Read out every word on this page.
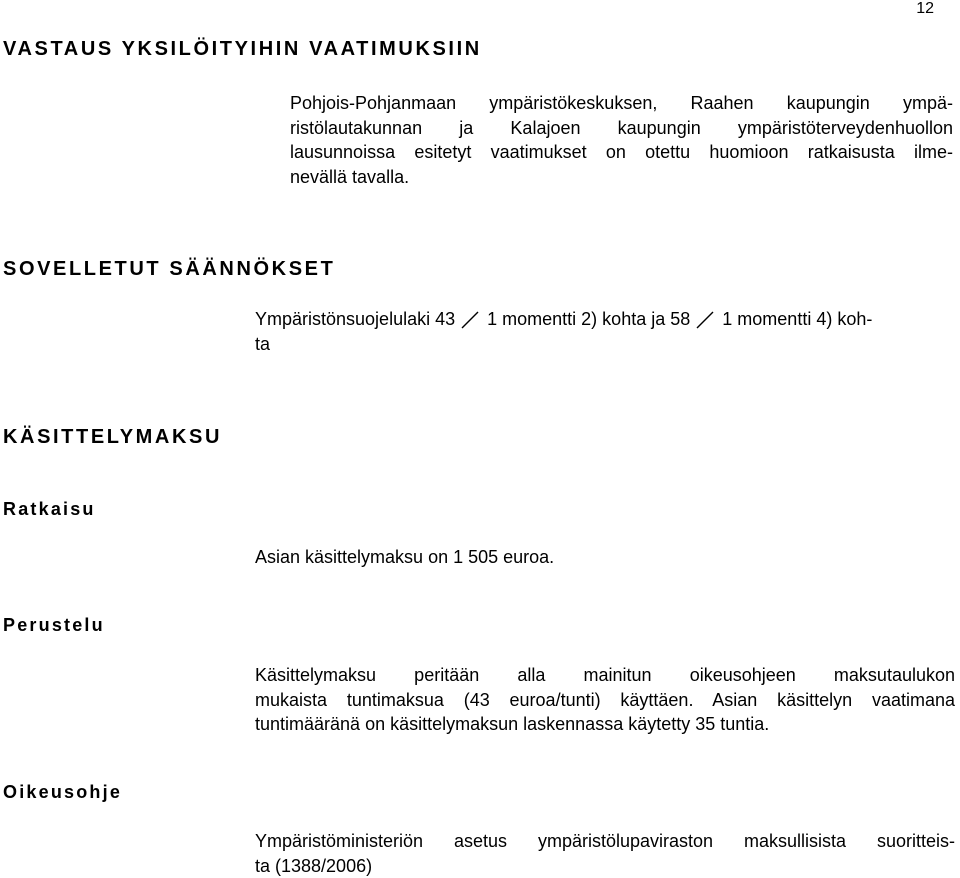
12
VASTAUS YKSILÖITYIHIN VAATIMUKSIIN
Pohjois-Pohjanmaan ympäristökeskuksen, Raahen kaupungin ympä-
ristölautakunnan ja Kalajoen kaupungin ympäristöterveydenhuollon
lausunnoissa esitetyt vaatimukset on otettu huomioon ratkaisusta ilme-
nevällä tavalla.
SOVELLETUT SÄÄNNÖKSET
Ympäristönsuojelulaki 43 1 momentti 2) kohta ja 58 1 momentti 4) koh-
ta
KÄSITTELYMAKSU
Ratkaisu
Asian käsittelymaksu on 1 505 euroa.
Perustelu
Käsittelymaksu peritään alla mainitun oikeusohjeen maksutaulukon
mukaista tuntimaksua (43 euroa/tunti) käyttäen. Asian käsittelyn vaatimana
tuntimääränä on käsittelymaksun laskennassa käytetty 35 tuntia.
Oikeusohje
Ympäristöministeriön asetus ympäristölupaviraston maksullisista suoritteis-
ta (1388/2006)
